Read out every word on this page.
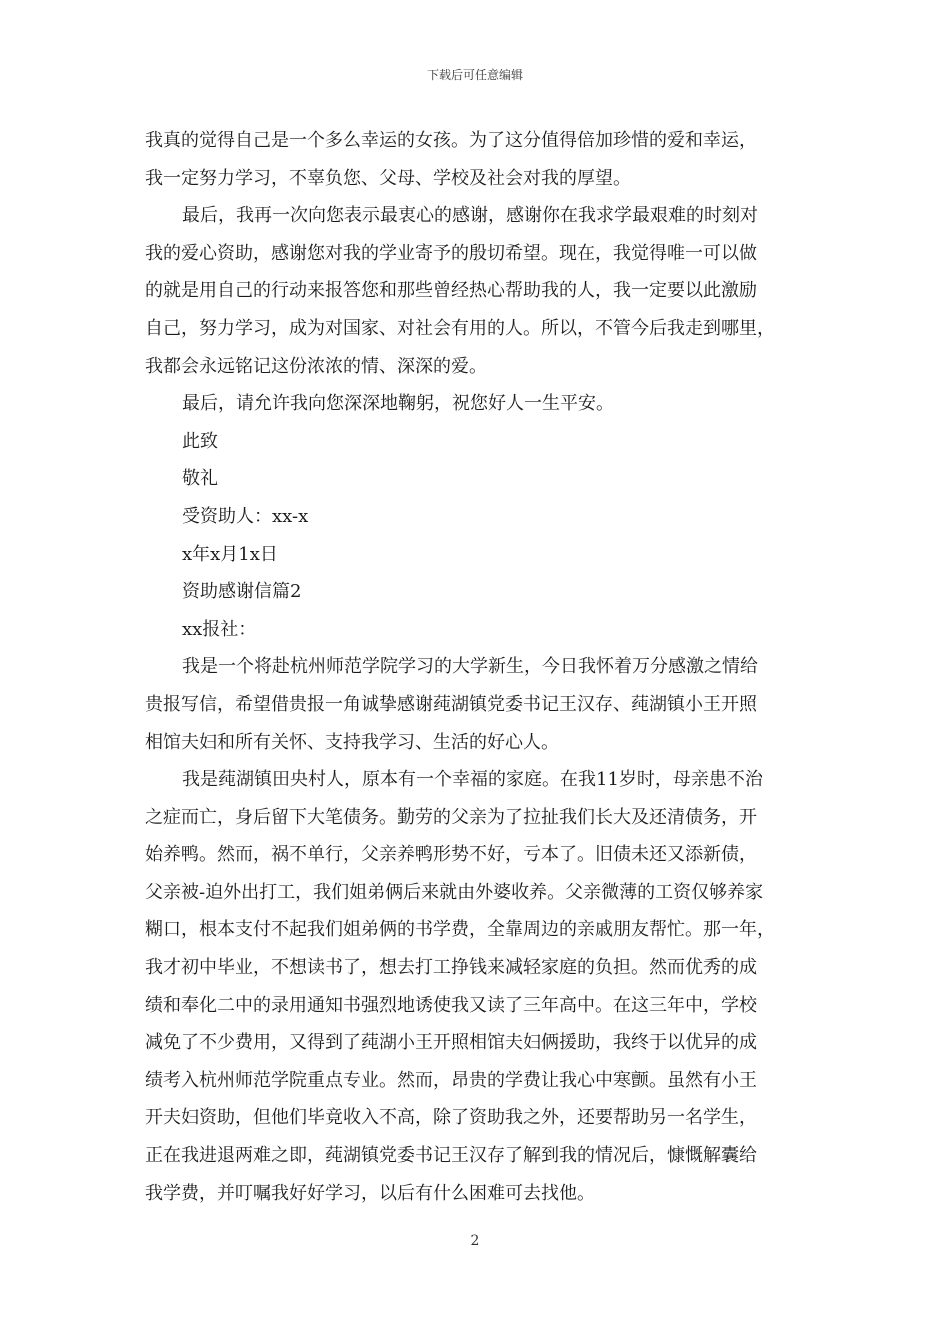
下载后可任意编辑
我真的觉得自己是一个多么幸运的女孩。为了这分值得倍加珍惜的爱和幸运，
我一定努力学习，不辜负您、父母、学校及社会对我的厚望。
最后，我再一次向您表示最衷心的感谢，感谢你在我求学最艰难的时刻对
我的爱心资助，感谢您对我的学业寄予的殷切希望。现在，我觉得唯一可以做
的就是用自己的行动来报答您和那些曾经热心帮助我的人，我一定要以此激励
自己，努力学习，成为对国家、对社会有用的人。所以，不管今后我走到哪里，
我都会永远铭记这份浓浓的情、深深的爱。
最后，请允许我向您深深地鞠躬，祝您好人一生平安。
此致
敬礼
受资助人：xx-x
x年x月1x日
资助感谢信篇2
xx报社：
我是一个将赴杭州师范学院学习的大学新生，今日我怀着万分感激之情给
贵报写信，希望借贵报一角诚挚感谢莼湖镇党委书记王汉存、莼湖镇小王开照
相馆夫妇和所有关怀、支持我学习、生活的好心人。
我是莼湖镇田央村人，原本有一个幸福的家庭。在我11岁时，母亲患不治
之症而亡，身后留下大笔债务。勤劳的父亲为了拉扯我们长大及还清债务，开
始养鸭。然而，祸不单行，父亲养鸭形势不好，亏本了。旧债未还又添新债，
父亲被-迫外出打工，我们姐弟俩后来就由外婆收养。父亲微薄的工资仅够养家
糊口，根本支付不起我们姐弟俩的书学费，全靠周边的亲戚朋友帮忙。那一年，
我才初中毕业，不想读书了，想去打工挣钱来减轻家庭的负担。然而优秀的成
绩和奉化二中的录用通知书强烈地诱使我又读了三年高中。在这三年中，学校
减免了不少费用，又得到了莼湖小王开照相馆夫妇俩援助，我终于以优异的成
绩考入杭州师范学院重点专业。然而，昂贵的学费让我心中寒颤。虽然有小王
开夫妇资助，但他们毕竟收入不高，除了资助我之外，还要帮助另一名学生，
正在我进退两难之即，莼湖镇党委书记王汉存了解到我的情况后，慷慨解囊给
我学费，并叮嘱我好好学习，以后有什么困难可去找他。
2
